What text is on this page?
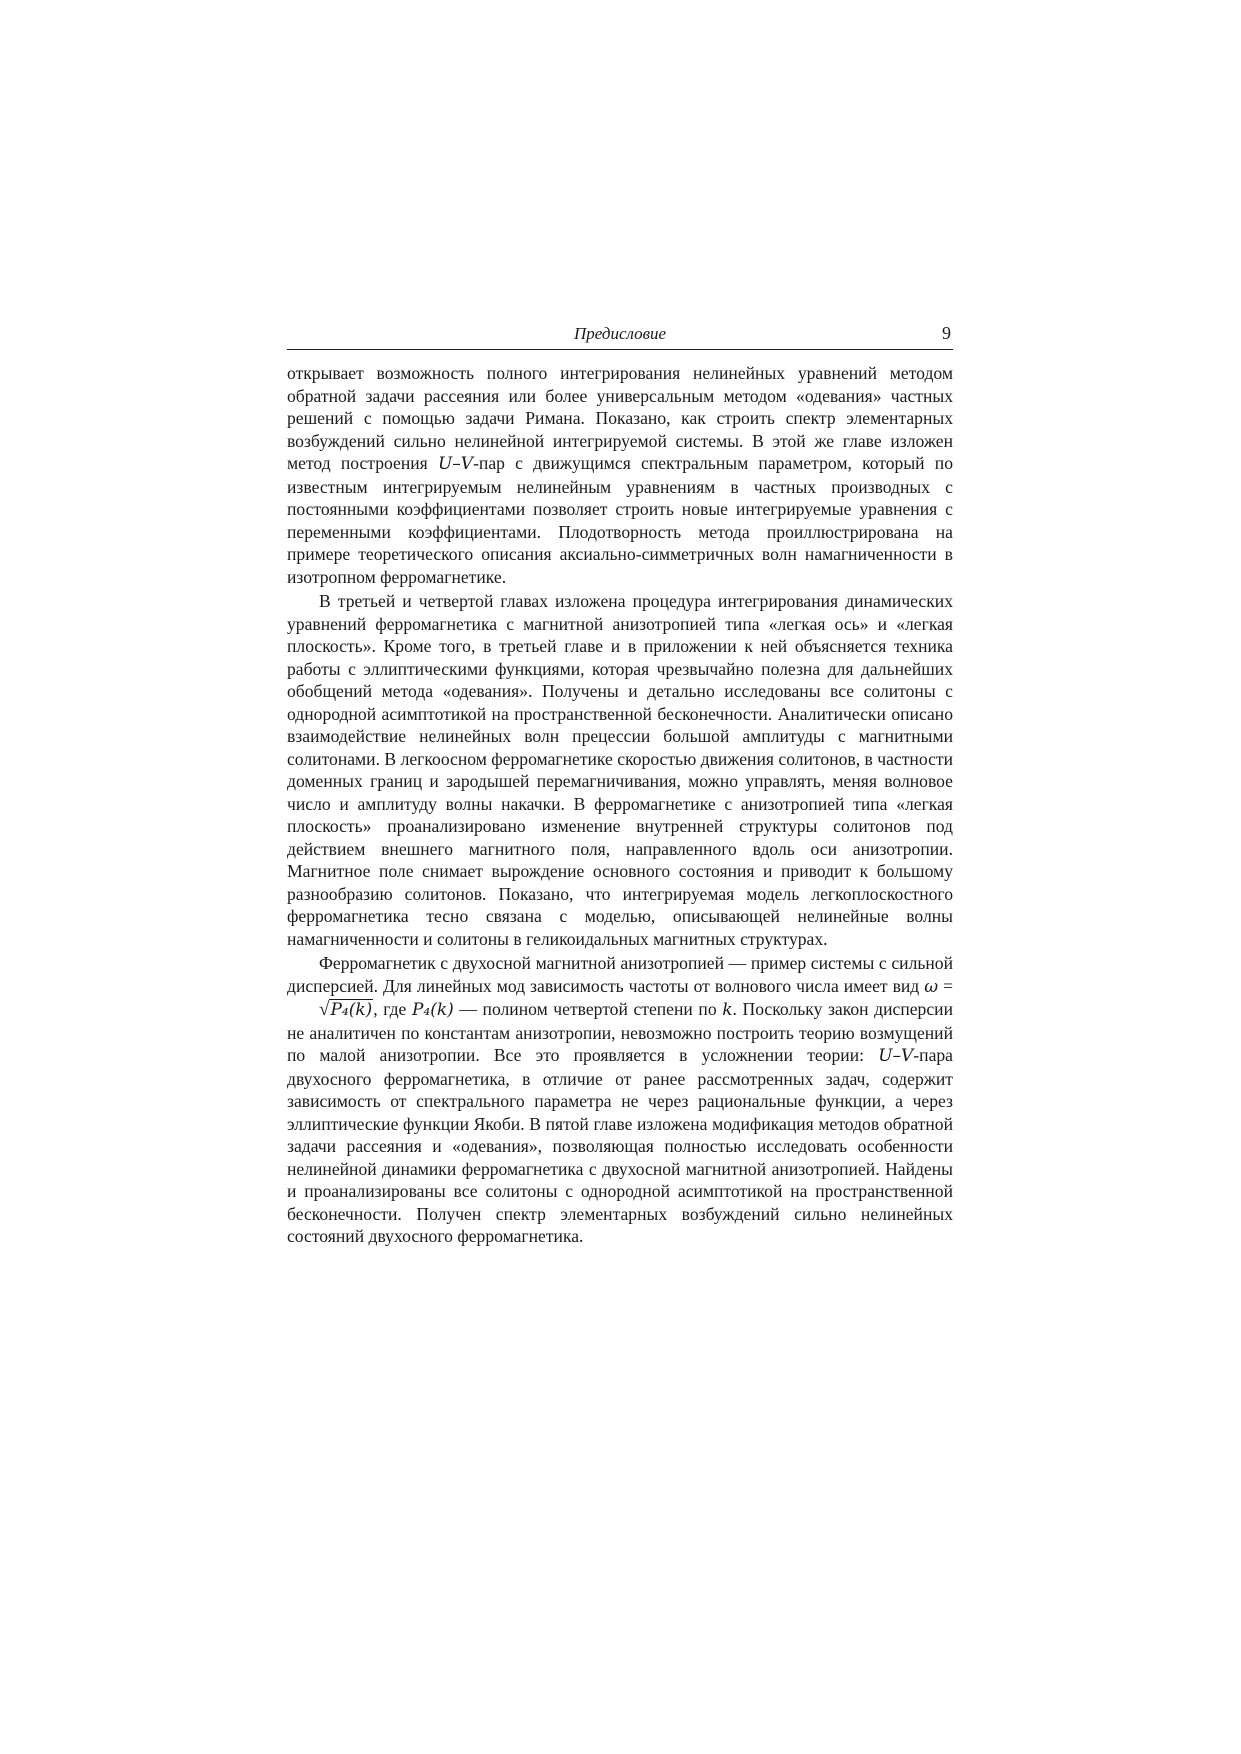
Предисловие	9

открывает возможность полного интегрирования нелинейных уравнений методом обратной задачи рассеяния или более универсальным методом «одевания» частных решений с помощью задачи Римана. Показано, как строить спектр элементарных возбуждений сильно нелинейной интегрируемой системы. В этой же главе изложен метод построения U–V-пар с движущимся спектральным параметром, который по известным интегрируемым нелинейным уравнениям в частных производных с постоянными коэффициентами позволяет строить новые интегрируемые уравнения с переменными коэффициентами. Плодотворность метода проиллюстрирована на примере теоретического описания аксиально-симметричных волн намагниченности в изотропном ферромагнетике.

В третьей и четвертой главах изложена процедура интегрирования динамических уравнений ферромагнетика с магнитной анизотропией типа «легкая ось» и «легкая плоскость». Кроме того, в третьей главе и в приложении к ней объясняется техника работы с эллиптическими функциями, которая чрезвычайно полезна для дальнейших обобщений метода «одевания». Получены и детально исследованы все солитоны с однородной асимптотикой на пространственной бесконечности. Аналитически описано взаимодействие нелинейных волн прецессии большой амплитуды с магнитными солитонами. В легкоосном ферромагнетике скоростью движения солитонов, в частности доменных границ и зародышей перемагничивания, можно управлять, меняя волновое число и амплитуду волны накачки. В ферромагнетике с анизотропией типа «легкая плоскость» проанализировано изменение внутренней структуры солитонов под действием внешнего магнитного поля, направленного вдоль оси анизотропии. Магнитное поле снимает вырождение основного состояния и приводит к большому разнообразию солитонов. Показано, что интегрируемая модель легкоплоскостного ферромагнетика тесно связана с моделью, описывающей нелинейные волны намагниченности и солитоны в геликоидальных магнитных структурах.

Ферромагнетик с двухосной магнитной анизотропией — пример системы с сильной дисперсией. Для линейных мод зависимость частоты от волнового числа имеет вид ω = √P₄(k), где P₄(k) — полином четвертой степени по k. Поскольку закон дисперсии не аналитичен по константам анизотропии, невозможно построить теорию возмущений по малой анизотропии. Все это проявляется в усложнении теории: U–V-пара двухосного ферромагнетика, в отличие от ранее рассмотренных задач, содержит зависимость от спектрального параметра не через рациональные функции, а через эллиптические функции Якоби. В пятой главе изложена модификация методов обратной задачи рассеяния и «одевания», позволяющая полностью исследовать особенности нелинейной динамики ферромагнетика с двухосной магнитной анизотропией. Найдены и проанализированы все солитоны с однородной асимптотикой на пространственной бесконечности. Получен спектр элементарных возбуждений сильно нелинейных состояний двухосного ферромагнетика.
